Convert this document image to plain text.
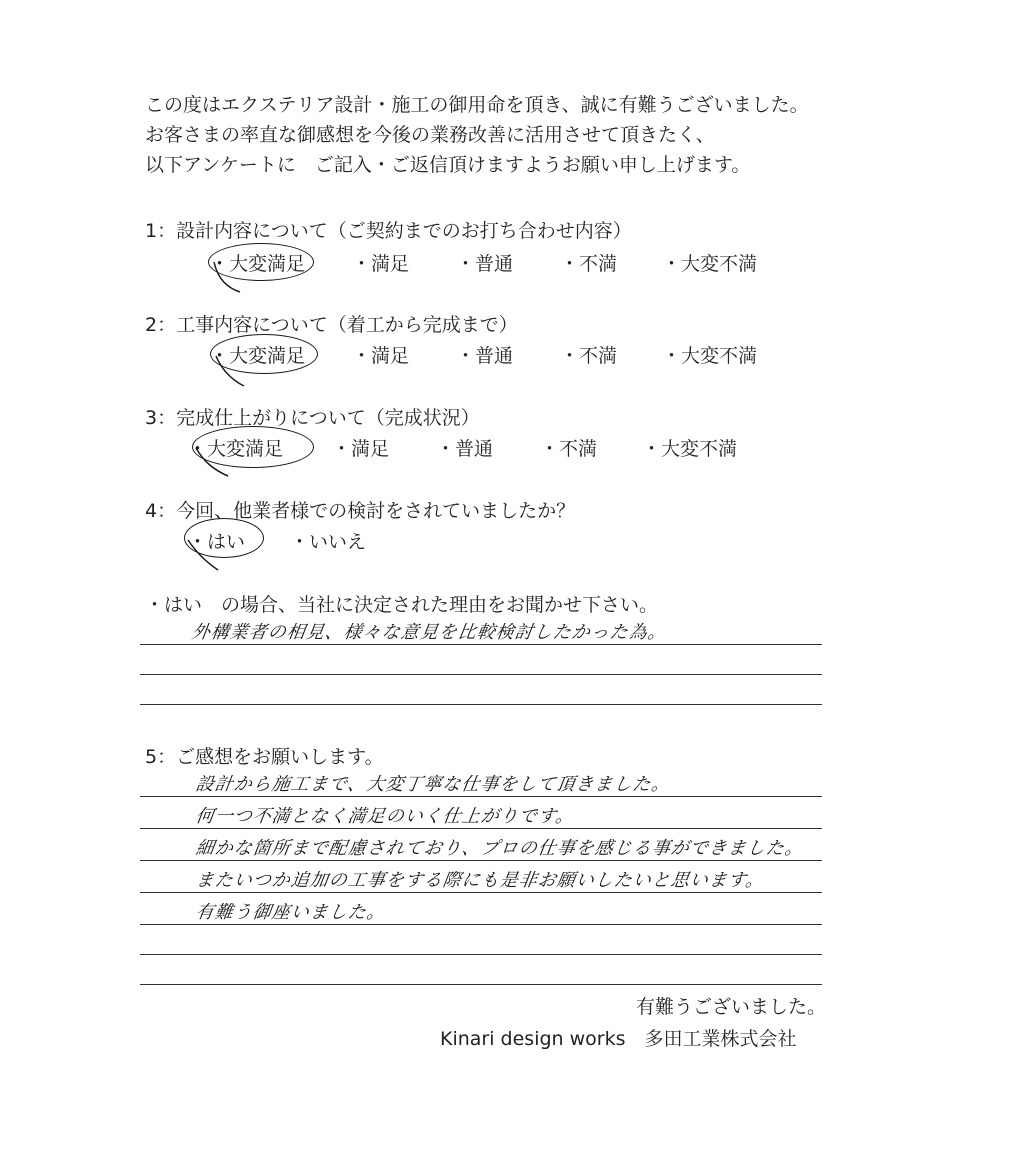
この度はエクステリア設計・施工の御用命を頂き、誠に有難うございました。
お客さまの率直な御感想を今後の業務改善に活用させて頂きたく、
以下アンケートに　ご記入・ご返信頂けますようお願い申し上げます。
1：設計内容について（ご契約までのお打ち合わせ内容）
・大変満足 ・満足 ・普通 ・不満 ・大変不満
2：工事内容について（着工から完成まで）
・大変満足 ・満足 ・普通 ・不満 ・大変不満
3：完成仕上がりについて（完成状況）
・大変満足	・満足 ・普通 ・不満 ・大変不満
4：今回、他業者様での検討をされていましたか？
・はい ・いいえ
・はい　の場合、当社に決定された理由をお聞かせ下さい。
外構業者の相見、様々な意見を比較検討したかった為。
5：ご感想をお願いします。
設計から施工まで、大変丁寧な仕事をして頂きました。
何一つ不満となく満足のいく仕上がりです。
細かな箇所まで配慮されており、プロの仕事を感じる事ができました。
またいつか追加の工事をする際にも是非お願いしたいと思います。
有難う御座いました。
有難うございました。
Kinari design works　多田工業株式会社
